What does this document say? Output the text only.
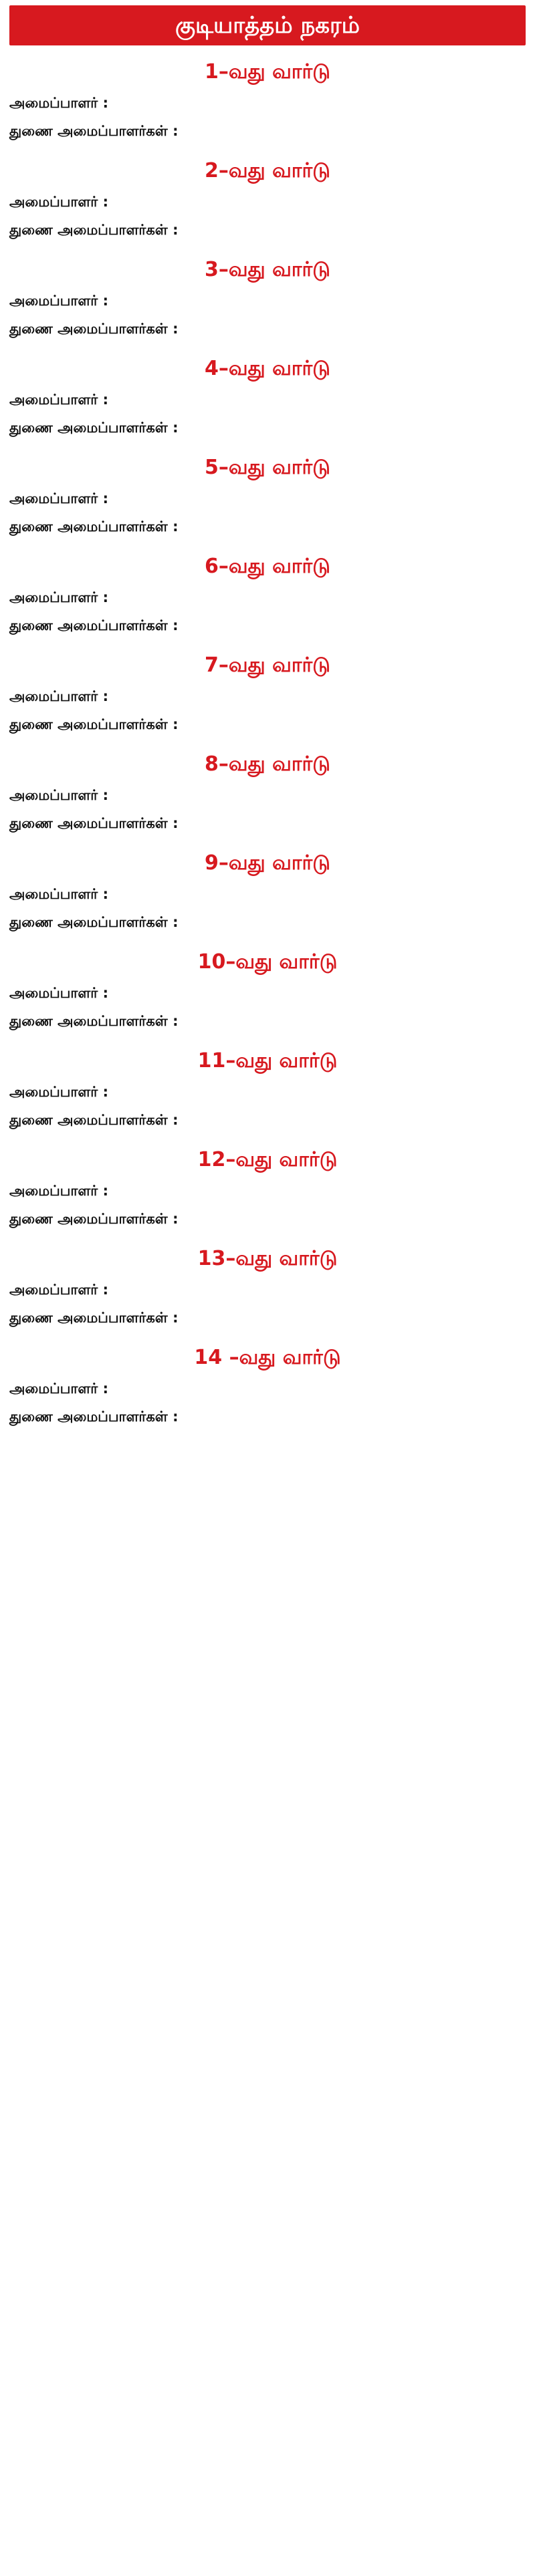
குடியாத்தம் நகரம்
1–வது வார்டு
அமைப்பாளர் :
துணை அமைப்பாளர்கள் :
2–வது வார்டு
அமைப்பாளர் :
துணை அமைப்பாளர்கள் :
3–வது வார்டு
அமைப்பாளர் :
துணை அமைப்பாளர்கள் :
4–வது வார்டு
அமைப்பாளர் :
துணை அமைப்பாளர்கள் :
5–வது வார்டு
அமைப்பாளர் :
துணை அமைப்பாளர்கள் :
6–வது வார்டு
அமைப்பாளர் :
துணை அமைப்பாளர்கள் :
7–வது வார்டு
அமைப்பாளர் :
துணை அமைப்பாளர்கள் :
8–வது வார்டு
அமைப்பாளர் :
துணை அமைப்பாளர்கள் :
9–வது வார்டு
அமைப்பாளர் :
துணை அமைப்பாளர்கள் :
10–வது வார்டு
அமைப்பாளர் :
துணை அமைப்பாளர்கள் :
11–வது வார்டு
அமைப்பாளர் :
துணை அமைப்பாளர்கள் :
12–வது வார்டு
அமைப்பாளர் :
துணை அமைப்பாளர்கள் :
13–வது வார்டு
அமைப்பாளர் :
துணை அமைப்பாளர்கள் :
14 –வது வார்டு
அமைப்பாளர் :
துணை அமைப்பாளர்கள் :
